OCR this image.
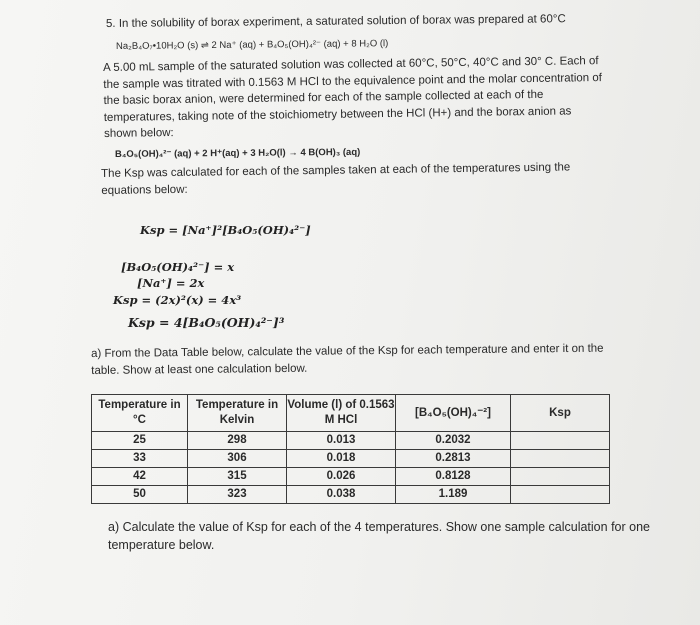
5. In the solubility of borax experiment, a saturated solution of borax was prepared at 60°C
Na₂B₄O₇•10H₂O (s) ⇌ 2 Na⁺ (aq) + B₄O₅(OH)₄²⁻ (aq) + 8 H₂O (l)
A 5.00 mL sample of the saturated solution was collected at 60°C, 50°C, 40°C and 30° C. Each of the sample was titrated with 0.1563 M HCl to the equivalence point and the molar concentration of the basic borax anion, were determined for each of the sample collected at each of the temperatures, taking note of the stoichiometry between the HCl (H+) and the borax anion as shown below:
B₄O₅(OH)₄²⁻ (aq) + 2 H⁺(aq) + 3 H₂O(l) → 4 B(OH)₃ (aq)
The Ksp was calculated for each of the samples taken at each of the temperatures using the equations below:
Ksp = [Na⁺]²[B₄O₅(OH)₄²⁻]
[B₄O₅(OH)₄²⁻] = x
[Na⁺] = 2x
Ksp = (2x)²(x) = 4x³
Ksp = 4[B₄O₅(OH)₄²⁻]³
a) From the Data Table below, calculate the value of the Ksp for each temperature and enter it on the table. Show at least one calculation below.
Temperature in °C	Temperature in Kelvin	Volume (l) of 0.1563 M HCl	[B₄O₅(OH)₄⁻²]	Ksp
25	298	0.013	0.2032	
33	306	0.018	0.2813	
42	315	0.026	0.8128	
50	323	0.038	1.189	
a) Calculate the value of Ksp for each of the 4 temperatures. Show one sample calculation for one temperature below.
